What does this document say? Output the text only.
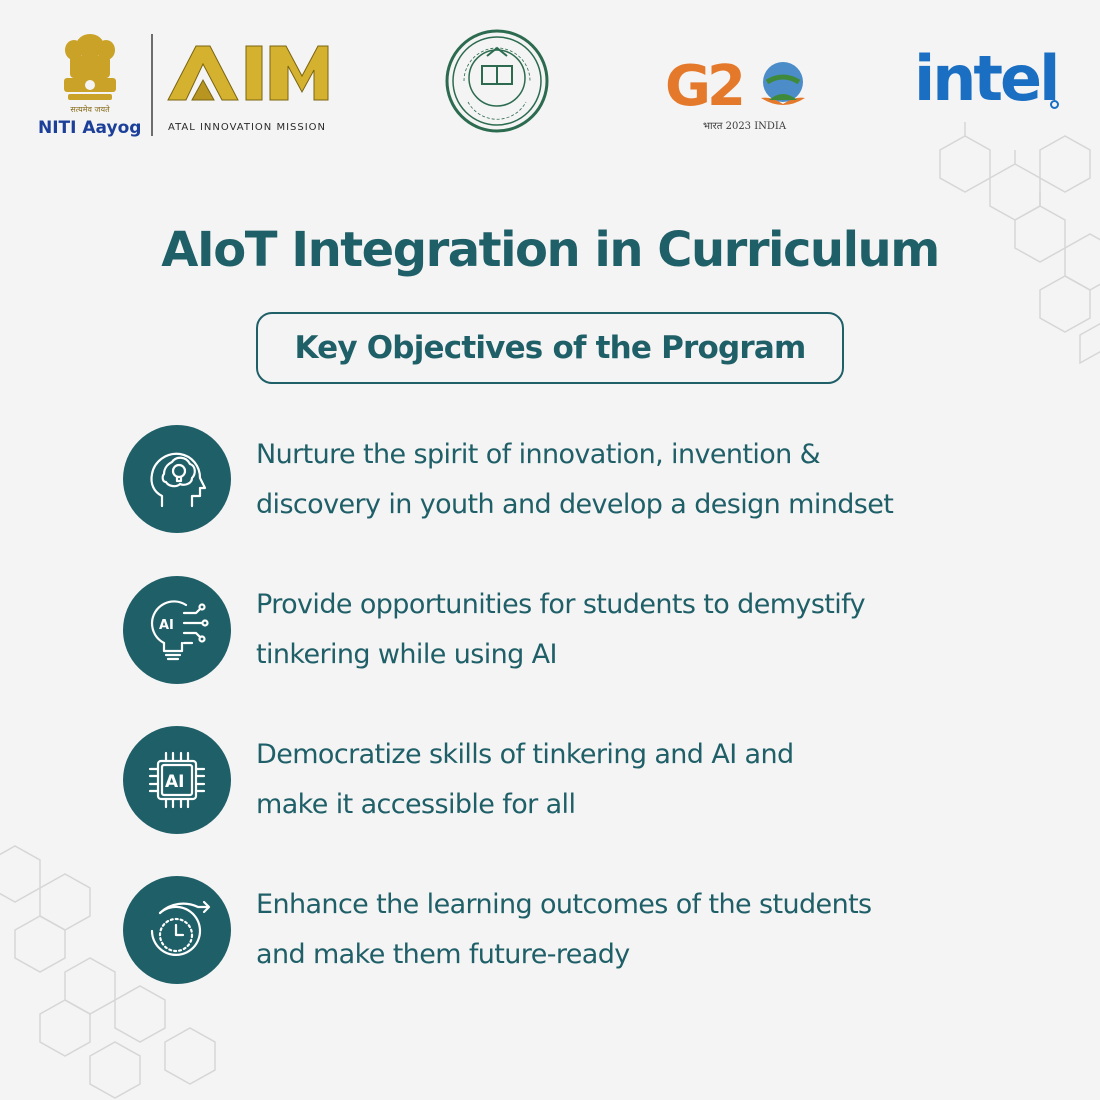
सत्यमेव जयते
NITI Aayog	ATAL INNOVATION MISSION
G2
भारत 2023 INDIA
intel
AIoT Integration in Curriculum
Key Objectives of the Program
Nurture the spirit of innovation, invention &
discovery in youth and develop a design mindset
AI
Provide opportunities for students to demystify
tinkering while using AI
AI
Democratize skills of tinkering and AI and
make it accessible for all
Enhance the learning outcomes of the students
and make them future-ready
